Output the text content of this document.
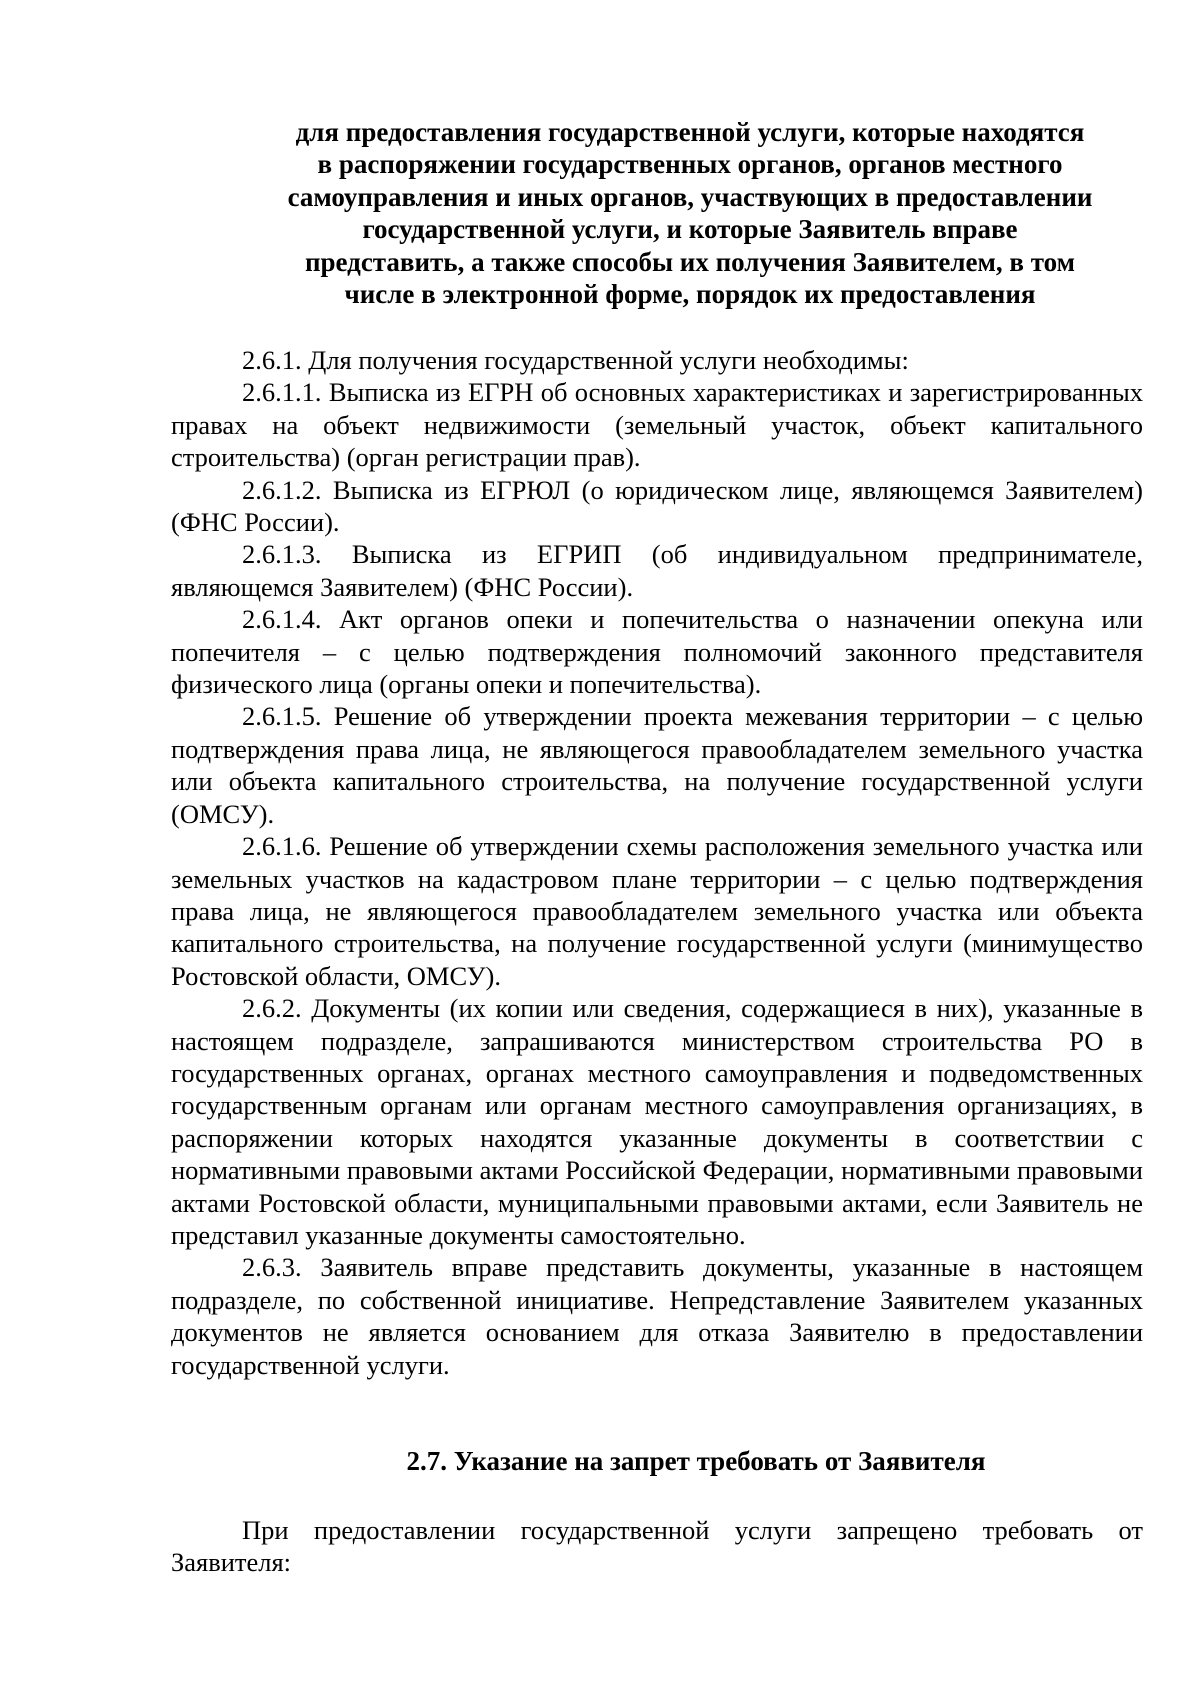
для предоставления государственной услуги, которые находятся
в распоряжении государственных органов, органов местного
самоуправления и иных органов, участвующих в предоставлении
государственной услуги, и которые Заявитель вправе
представить, а также способы их получения Заявителем, в том
числе в электронной форме, порядок их предоставления

2.6.1. Для получения государственной услуги необходимы:

2.6.1.1. Выписка из ЕГРН об основных характеристиках и зарегистрированных правах на объект недвижимости (земельный участок, объект капитального строительства) (орган регистрации прав).

2.6.1.2. Выписка из ЕГРЮЛ (о юридическом лице, являющемся Заявителем) (ФНС России).

2.6.1.3. Выписка из ЕГРИП (об индивидуальном предпринимателе, являющемся Заявителем) (ФНС России).

2.6.1.4. Акт органов опеки и попечительства о назначении опекуна или попечителя – с целью подтверждения полномочий законного представителя физического лица (органы опеки и попечительства).

2.6.1.5. Решение об утверждении проекта межевания территории – с целью подтверждения права лица, не являющегося правообладателем земельного участка или объекта капитального строительства, на получение государственной услуги (ОМСУ).

2.6.1.6. Решение об утверждении схемы расположения земельного участка или земельных участков на кадастровом плане территории – с целью подтверждения права лица, не являющегося правообладателем земельного участка или объекта капитального строительства, на получение государственной услуги (минимущество Ростовской области, ОМСУ).

2.6.2. Документы (их копии или сведения, содержащиеся в них), указанные в настоящем подразделе, запрашиваются министерством строительства РО в государственных органах, органах местного самоуправления и подведомственных государственным органам или органам местного самоуправления организациях, в распоряжении которых находятся указанные документы в соответствии с нормативными правовыми актами Российской Федерации, нормативными правовыми актами Ростовской области, муниципальными правовыми актами, если Заявитель не представил указанные документы самостоятельно.

2.6.3. Заявитель вправе представить документы, указанные в настоящем подразделе, по собственной инициативе. Непредставление Заявителем указанных документов не является основанием для отказа Заявителю в предоставлении государственной услуги.

2.7. Указание на запрет требовать от Заявителя

При предоставлении государственной услуги запрещено требовать от Заявителя:
